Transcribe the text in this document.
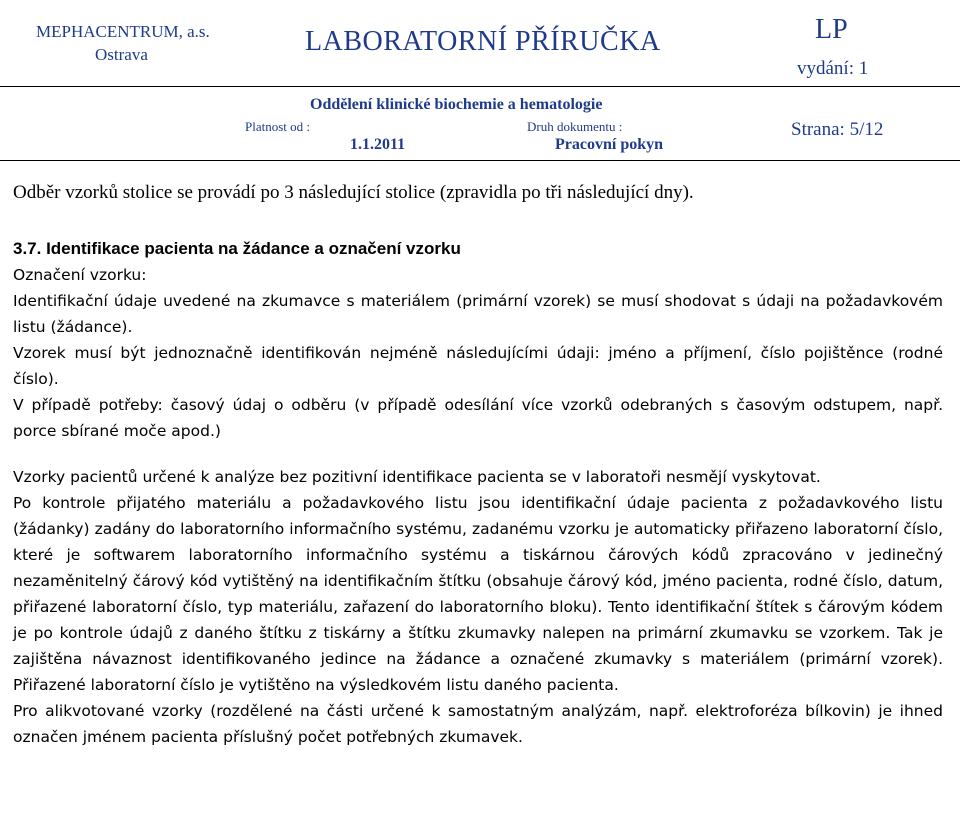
MEPHACENTRUM, a.s.
Ostrava	LABORATORNÍ PŘÍRUČKA	LP
vydání: 1
Oddělení klinické biochemie a hematologie
Platnost od :
1.1.2011
Druh dokumentu :
Pracovní pokyn
Strana: 5/12

Odběr vzorků stolice se provádí po 3 následující stolice (zpravidla po tři následující dny).

3.7. Identifikace pacienta na žádance a označení vzorku

Označení vzorku:

Identifikační údaje uvedené na zkumavce s materiálem (primární vzorek) se musí shodovat s údaji na požadavkovém listu (žádance).

Vzorek musí být jednoznačně identifikován nejméně následujícími údaji: jméno a příjmení, číslo pojištěnce (rodné číslo).

V případě potřeby: časový údaj o odběru (v případě odesílání více vzorků odebraných s časovým odstupem, např. porce sbírané moče apod.)

Vzorky pacientů určené k analýze bez pozitivní identifikace pacienta se v laboratoři nesmějí vyskytovat.

Po kontrole přijatého materiálu a požadavkového listu jsou identifikační údaje pacienta z požadavkového listu (žádanky) zadány do laboratorního informačního systému, zadanému vzorku je automaticky přiřazeno laboratorní číslo, které je softwarem laboratorního informačního systému a tiskárnou čárových kódů zpracováno v jedinečný nezaměnitelný čárový kód vytištěný na identifikačním štítku (obsahuje čárový kód, jméno pacienta, rodné číslo, datum, přiřazené laboratorní číslo, typ materiálu, zařazení do laboratorního bloku). Tento identifikační štítek s čárovým kódem je po kontrole údajů z daného štítku z tiskárny a štítku zkumavky nalepen na primární zkumavku se vzorkem. Tak je zajištěna návaznost identifikovaného jedince na žádance a označené zkumavky s materiálem (primární vzorek). Přiřazené laboratorní číslo je vytištěno na výsledkovém listu daného pacienta.

Pro alikvotované vzorky (rozdělené na části určené k samostatným analýzám, např. elektroforéza bílkovin) je ihned označen jménem pacienta příslušný počet potřebných zkumavek.
